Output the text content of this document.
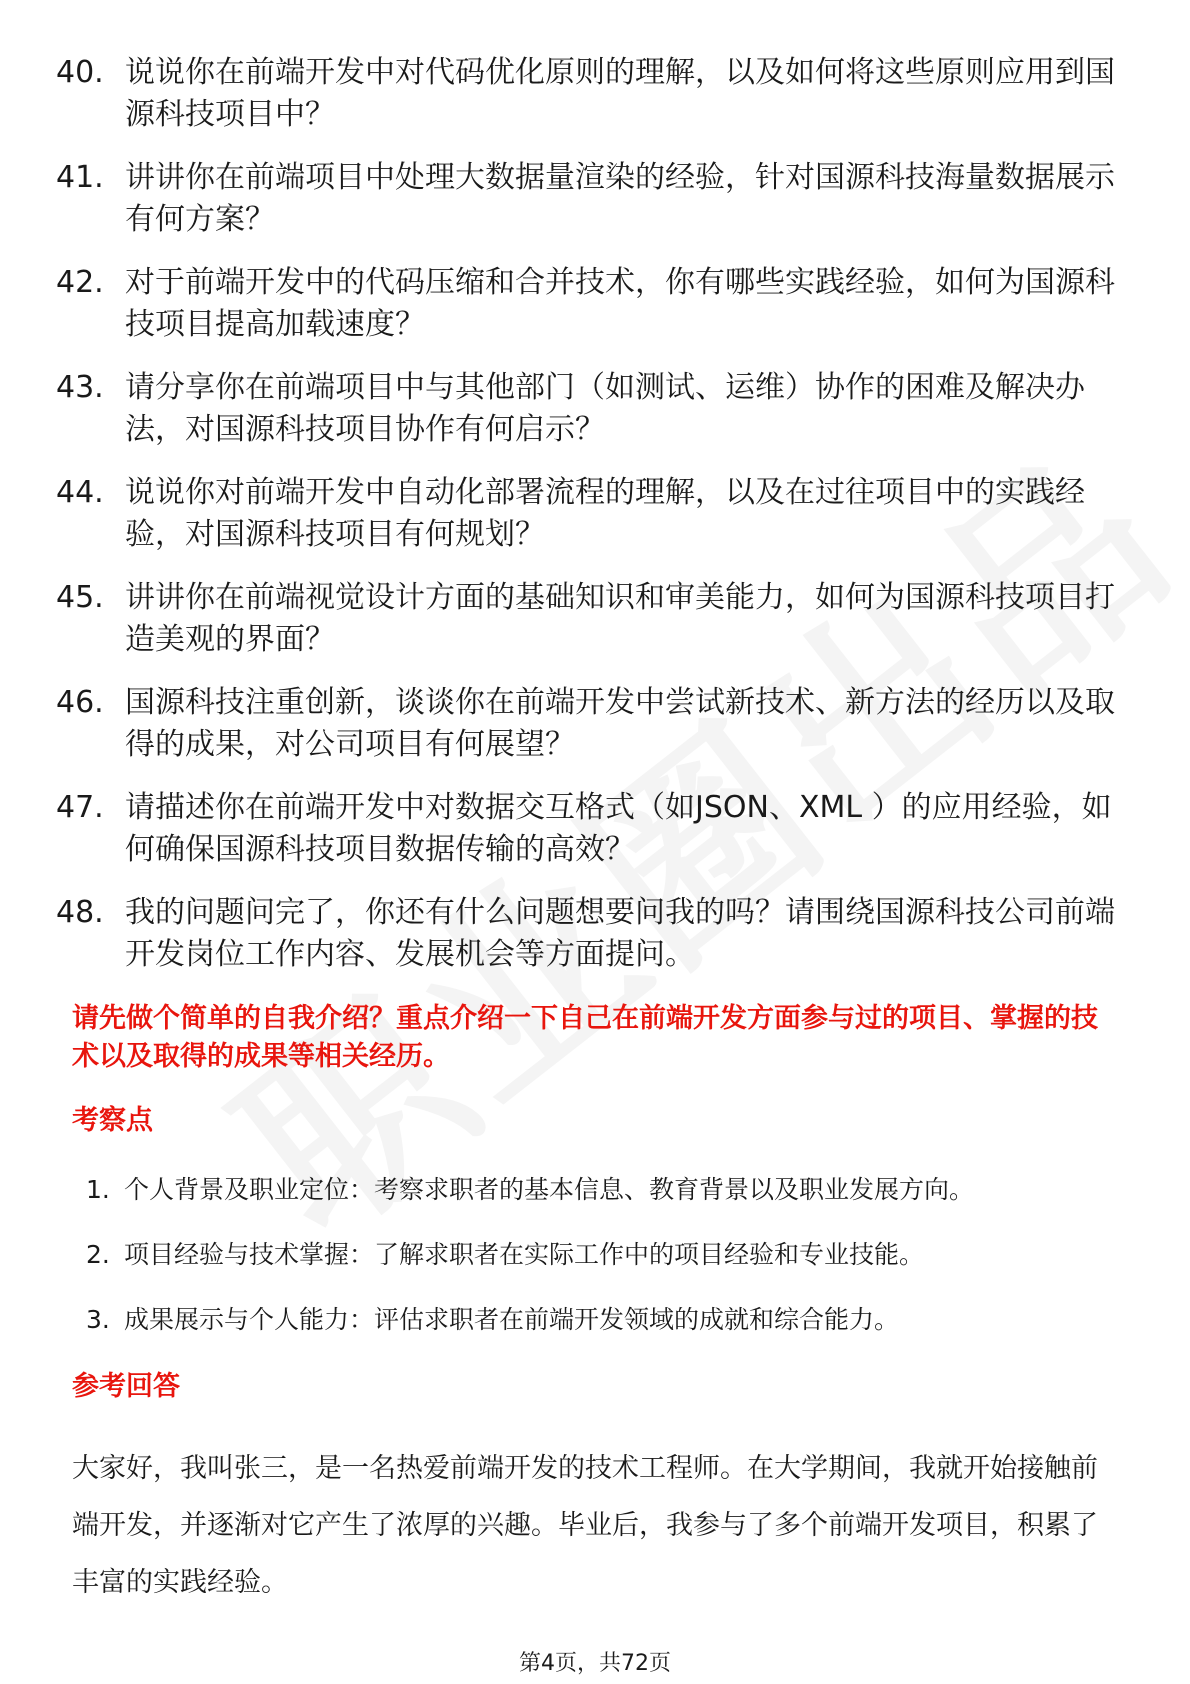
40. 说说你在前端开发中对代码优化原则的理解，以及如何将这些原则应用到国源科技项目中？
41. 讲讲你在前端项目中处理大数据量渲染的经验，针对国源科技海量数据展示有何方案？
42. 对于前端开发中的代码压缩和合并技术，你有哪些实践经验，如何为国源科技项目提高加载速度？
43. 请分享你在前端项目中与其他部门（如测试、运维）协作的困难及解决办法，对国源科技项目协作有何启示？
44. 说说你对前端开发中自动化部署流程的理解，以及在过往项目中的实践经验，对国源科技项目有何规划？
45. 讲讲你在前端视觉设计方面的基础知识和审美能力，如何为国源科技项目打造美观的界面？
46. 国源科技注重创新，谈谈你在前端开发中尝试新技术、新方法的经历以及取得的成果，对公司项目有何展望？
47. 请描述你在前端开发中对数据交互格式（如JSON、XML ）的应用经验，如何确保国源科技项目数据传输的高效？
48. 我的问题问完了，你还有什么问题想要问我的吗？请围绕国源科技公司前端开发岗位工作内容、发展机会等方面提问。
请先做个简单的自我介绍？重点介绍一下自己在前端开发方面参与过的项目、掌握的技术以及取得的成果等相关经历。
考察点
1. 个人背景及职业定位：考察求职者的基本信息、教育背景以及职业发展方向。
2. 项目经验与技术掌握：了解求职者在实际工作中的项目经验和专业技能。
3. 成果展示与个人能力：评估求职者在前端开发领域的成就和综合能力。
参考回答

大家好，我叫张三，是一名热爱前端开发的技术工程师。在大学期间，我就开始接触前端开发，并逐渐对它产生了浓厚的兴趣。毕业后，我参与了多个前端开发项目，积累了丰富的实践经验。

第4页，共72页
